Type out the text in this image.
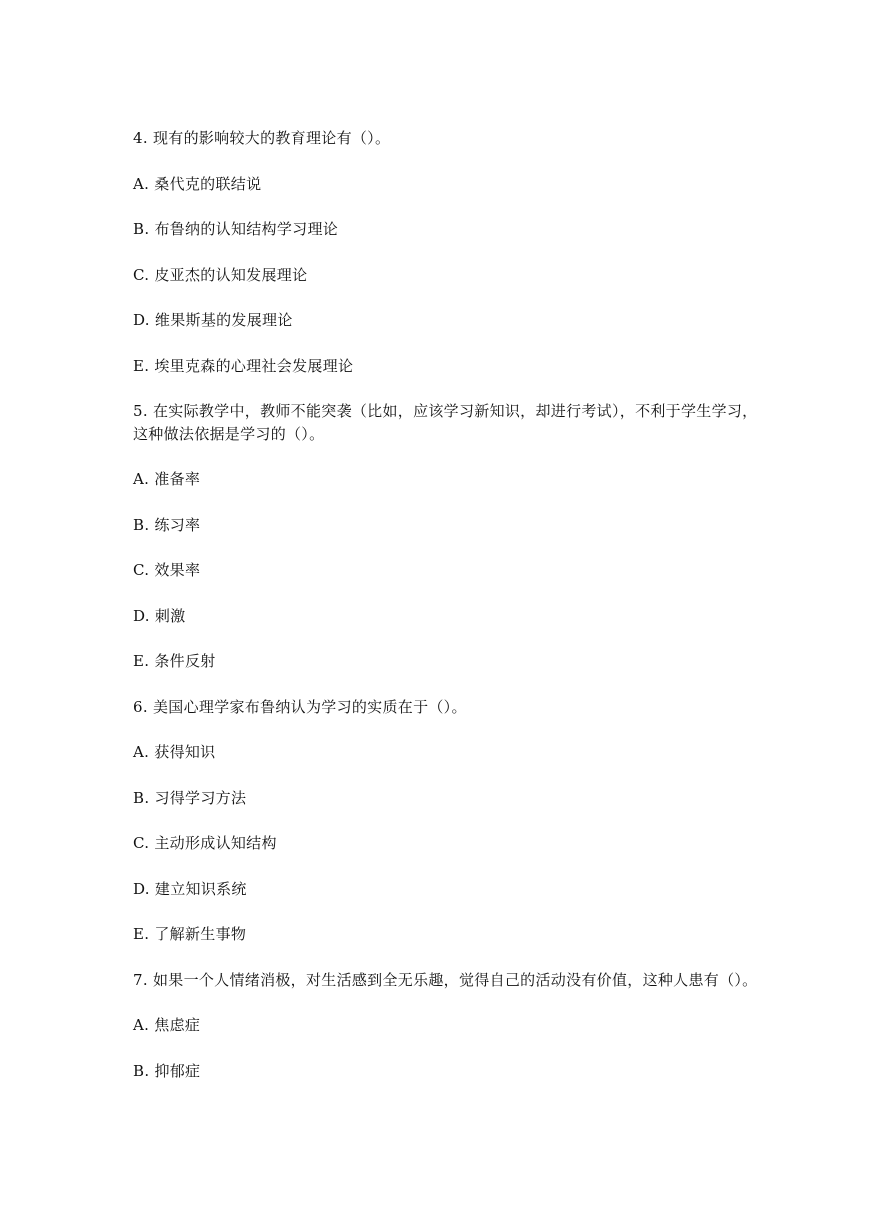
4. 现有的影响较大的教育理论有（）。
A. 桑代克的联结说
B. 布鲁纳的认知结构学习理论
C. 皮亚杰的认知发展理论
D. 维果斯基的发展理论
E. 埃里克森的心理社会发展理论
5. 在实际教学中，教师不能突袭（比如，应该学习新知识，却进行考试），不利于学生学习，
这种做法依据是学习的（）。
A. 准备率
B. 练习率
C. 效果率
D. 刺激
E. 条件反射
6. 美国心理学家布鲁纳认为学习的实质在于（）。
A. 获得知识
B. 习得学习方法
C. 主动形成认知结构
D. 建立知识系统
E. 了解新生事物
7. 如果一个人情绪消极，对生活感到全无乐趣，觉得自己的活动没有价值，这种人患有（）。
A. 焦虑症
B. 抑郁症
